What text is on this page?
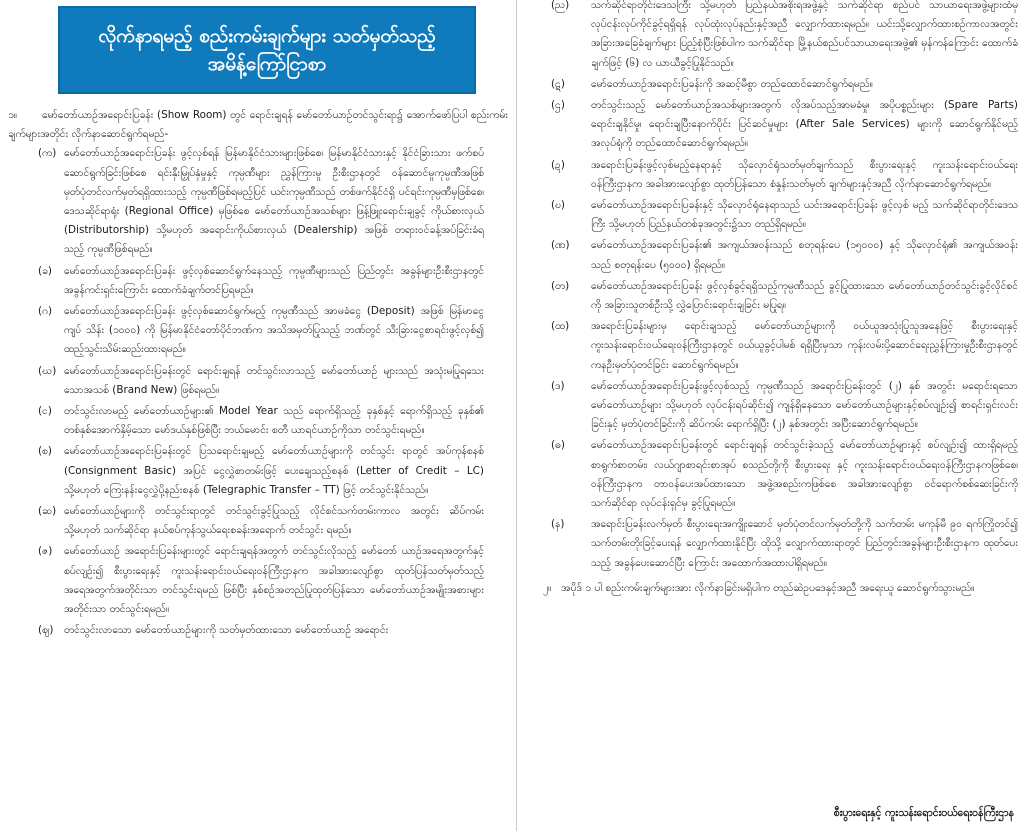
လိုက်နာရမည့် စည်းကမ်းချက်များ သတ်မှတ်သည့်
အမိန့်ကြော်ငြာစာ

၁။ မော်တော်ယာဉ်အရောင်းပြခန်း (Show Room) တွင် ရောင်းချရန် မော်တော်ယာဉ်တင်သွင်းရာ၌ အောက်ဖော်ပြပါ စည်းကမ်းချက်များအတိုင်း လိုက်နာဆောင်ရွက်ရမည်-

(က) မော်တော်ယာဉ်အရောင်းပြခန်း ဖွင့်လှစ်ရန် မြန်မာနိုင်ငံသားများဖြစ်စေ၊ မြန်မာနိုင်ငံသားနှင့် နိုင်ငံခြားသား ဖက်စပ်ဆောင်ရွက်ခြင်းဖြစ်စေ ရင်းနှီးမြှုပ်နှံမှုနှင့် ကုမ္ပဏီများ ညွှန်ကြားမှု ဦးစီးဌာနတွင် ဝန်ဆောင်မှုကုမ္ပဏီအဖြစ် မှတ်ပုံတင်လက်မှတ်ရရှိထားသည့် ကုမ္ပဏီဖြစ်ရမည့်ပြင် ယင်းကုမ္ပဏီသည် တစ်ဖက်နိုင်ငံရှိ ပင်ရင်းကုမ္ပဏီမှဖြစ်စေ၊ ဒေသဆိုင်ရာရုံး (Regional Office) မှဖြစ်စေ မော်တော်ယာဉ်အသစ်များ ဖြန့်ဖြူးရောင်းချခွင့် ကိုယ်စားလှယ် (Distributorship) သို့မဟုတ် အရောင်းကိုယ်စားလှယ် (Dealership) အဖြစ် တရားဝင်ခန့်အပ်ခြင်းခံရသည့် ကုမ္ပဏီဖြစ်ရမည်။
(ခ)	မော်တော်ယာဉ်အရောင်းပြခန်း ဖွင့်လှစ်ဆောင်ရွက်နေသည့် ကုမ္ပဏီများသည် ပြည်တွင်း အခွန်များဦးစီးဌာနတွင် အခွန်ကင်းရှင်းကြောင်း ထောက်ခံချက်တင်ပြရမည်။
(ဂ)	မော်တော်ယာဉ်အရောင်းပြခန်း ဖွင့်လှစ်ဆောင်ရွက်မည့် ကုမ္ပဏီသည် အာမခံငွေ (Deposit) အဖြစ် မြန်မာငွေကျပ် သိန်း (၁၀၀၀) ကို မြန်မာနိုင်ငံတော်ပိုင်ဘဏ်က အသိအမှတ်ပြုသည့် ဘဏ်တွင် သီးခြားငွေစာရင်းဖွင့်လှစ်၍ ထည့်သွင်းသိမ်းဆည်းထားရမည်။
(ဃ) မော်တော်ယာဉ်အရောင်းပြခန်းတွင် ရောင်းချရန် တင်သွင်းလာသည့် မော်တော်ယာဉ် များသည် အသုံးမပြုရသေးသောအသစ် (Brand New) ဖြစ်ရမည်။
(င)	တင်သွင်းလာမည့် မော်တော်ယာဉ်များ၏ Model Year သည် ရောက်ရှိသည့် ခုနှစ်နှင့် ရောက်ရှိသည့် ခုနှစ်၏ တစ်နှစ်အောက်နှိမ့်သော မော်ဒယ်နှစ်ဖြစ်ပြီး ဘယ်မောင်း စတီ ယာရင်ယာဉ်ကိုသာ တင်သွင်းရမည်။
(စ)	မော်တော်ယာဉ်အရောင်းပြခန်းတွင် ပြသရောင်းချမည့် မော်တော်ယာဉ်များကို တင်သွင်း ရာတွင် အပ်ကုန်စနစ် (Consignment Basic) အပြင် ငွေလွှဲစာတမ်းဖြင့် ပေးချေသည့်စနစ် (Letter of Credit – LC) သို့မဟုတ် ကြေးနန်းငွေလွှဲပို့နည်းစနစ် (Telegraphic Transfer – TT) ဖြင့် တင်သွင်းနိုင်သည်။
(ဆ) မော်တော်ယာဉ်များကို တင်သွင်းရာတွင် တင်သွင်းခွင့်ပြုသည့် လိုင်စင်သက်တမ်းကာလ အတွင်း ဆိပ်ကမ်း သို့မဟုတ် သက်ဆိုင်ရာ နယ်စပ်ကုန်သွယ်ရေးစခန်းအရောက် တင်သွင်း ရမည်။
(ဇ)	မော်တော်ယာဉ် အရောင်းပြခန်းများတွင် ရောင်းချရန်အတွက် တင်သွင်းလိုသည့် မော်တော် ယာဉ်အရေအတွက်နှင့်စပ်လျဉ်း၍ စီးပွားရေးနှင့် ကူးသန်းရောင်းဝယ်ရေးဝန်ကြီးဌာနက အခါအားလျော်စွာ ထုတ်ပြန်သတ်မှတ်သည့် အရေအတွက်အတိုင်းသာ တင်သွင်းရမည် ဖြစ်ပြီး နှစ်စဉ်အတည်ပြုထုတ်ပြန်သော မော်တော်ယာဉ်အမျိုးအစားများအတိုင်းသာ တင်သွင်းရမည်။
(ဈ)	တင်သွင်းလာသော မော်တော်ယာဉ်များကို သတ်မှတ်ထားသော မော်တော်ယာဉ် အရောင်း
(ည)	သက်ဆိုင်ရာတိုင်းဒေသကြီး သို့မဟုတ် ပြည်နယ်အစိုးရအဖွဲ့နှင့် သက်ဆိုင်ရာ စည်ပင် သာယာရေးအဖွဲ့များထံမှ လုပ်ငန်းလုပ်ကိုင်ခွင့်ရရှိရန် လုပ်ထုံးလုပ်နည်းနှင့်အညီ လျှောက်ထားရမည်။ ယင်းသို့လျှောက်ထားစဉ်ကာလအတွင်း အခြားအခြေခံချက်များ ပြည့်စုံပြီးဖြစ်ပါက သက်ဆိုင်ရာ မြို့နယ်စည်ပင်သာယာရေးအဖွဲ့၏ မှန်ကန်ကြောင်း ထောက်ခံချက်ဖြင့် (၆) လ ယာယီခွင့်ပြုနိုင်သည်။
(ဋ)	မော်တော်ယာဉ်အရောင်းပြခန်းကို အဆင့်မီစွာ တည်ထောင်ဆောင်ရွက်ရမည်။
(ဌ)	တင်သွင်းသည့် မော်တော်ယာဉ်အသစ်များအတွက် လိုအပ်သည့်အာမခံမှု၊ အပိုပစ္စည်းများ (Spare Parts) ရောင်းချနိုင်မှု၊ ရောင်းချပြီးနောက်ပိုင်း ပြင်ဆင်မှုများ (After Sale Services) များကို ဆောင်ရွက်နိုင်မည့် အလုပ်ရုံကို တည်ထောင်ဆောင်ရွက်ရမည်။
(ဍ)	အရောင်းပြခန်းဖွင့်လှစ်မည့်နေရာနှင့် သိုလှောင်ရုံသတ်မှတ်ချက်သည် စီးပွားရေးနှင့် ကူးသန်းရောင်းဝယ်ရေးဝန်ကြီးဌာနက အခါအားလျော်စွာ ထုတ်ပြန်သော စံနှုန်းသတ်မှတ် ချက်များနှင့်အညီ လိုက်နာဆောင်ရွက်ရမည်။
(ဎ)	မော်တော်ယာဉ်အရောင်းပြခန်းနှင့် သိုလှောင်ရုံနေရာသည် ယင်းအရောင်းပြခန်း ဖွင့်လှစ် မည့် သက်ဆိုင်ရာတိုင်းဒေသကြီး သို့မဟုတ် ပြည်နယ်တစ်ခုအတွင်း၌သာ တည်ရှိရမည်။
(ဏ)	မော်တော်ယာဉ်အရောင်းပြခန်း၏ အကျယ်အဝန်းသည် စတုရန်းပေ (၁၅၀၀၀) နှင့် သိုလှောင်ရုံ၏ အကျယ်အဝန်းသည် စတုရန်းပေ (၅၀၀၀) ရှိရမည်။
(တ)	မော်တော်ယာဉ်အရောင်းပြခန်း ဖွင့်လှစ်ခွင့်ရရှိသည့်ကုမ္ပဏီသည် ခွင့်ပြုထားသော မော်တော်ယာဉ်တင်သွင်းခွင့်လိုင်စင်ကို အခြားသူတစ်ဦးသို့ လွှဲပြောင်းရောင်းချခြင်း မပြုရ။
(ထ)	အရောင်းပြခန်းများမှ ရောင်းချသည့် မော်တော်ယာဉ်များကို ဝယ်ယူအသုံးပြုသူအနေဖြင့် စီးပွားရေးနှင့် ကူးသန်းရောင်းဝယ်ရေးဝန်ကြီးဌာနတွင် ဝယ်ယူခွင့်ပါမစ် ရရှိပြီးမှသာ ကုန်းလမ်းပို့ဆောင်ရေးညွှန်ကြားမှုဦးစီးဌာနတွင် ကနဦးမှတ်ပုံတင်ခြင်း ဆောင်ရွက်ရမည်။
(ဒ)	မော်တော်ယာဉ်အရောင်းပြခန်းဖွင့်လှစ်သည့် ကုမ္ပဏီသည် အရောင်းပြခန်းတွင် (၂) နှစ် အတွင်း မရောင်းရသော မော်တော်ယာဉ်များ သို့မဟုတ် လုပ်ငန်းရပ်ဆိုင်း၍ ကျန်ရှိနေသော မော်တော်ယာဉ်များနှင့်စပ်လျဉ်း၍ စာရင်းရှင်းလင်းခြင်းနှင့် မှတ်ပုံတင်ခြင်းကို ဆိပ်ကမ်း ရောက်ရှိပြီး (၂) နှစ်အတွင်း အပြီးဆောင်ရွက်ရမည်။
(ဓ)	မော်တော်ယာဉ်အရောင်းပြခန်းတွင် ရောင်းချရန် တင်သွင်းခဲ့သည့် မော်တော်ယာဉ်များနှင့် စပ်လျဉ်း၍ ထားရှိရမည့် စာရွက်စာတမ်း၊ လယ်ဂျာစာရင်းစာအုပ် စသည်တို့ကို စီးပွားရေး နှင့် ကူးသန်းရောင်းဝယ်ရေးဝန်ကြီးဌာနကဖြစ်စေ၊ ဝန်ကြီးဌာနက တာဝန်ပေးအပ်ထားသော အဖွဲ့အစည်းကဖြစ်စေ အခါအားလျော်စွာ ဝင်ရောက်စစ်ဆေးခြင်းကို သက်ဆိုင်ရာ လုပ်ငန်းရှင်မှ ခွင့်ပြုရမည်။
(န)	အရောင်းပြခန်းလက်မှတ် စီးပွားရေးအကျိုးဆောင် မှတ်ပုံတင်လက်မှတ်တို့ကို သက်တမ်း မကုန်မီ ၉၀ ရက်ကြိုတင်၍ သက်တမ်းတိုးခြင့်ပေးရန် လျှောက်ထားနိုင်ပြီး ထိုသို့ လျှောက်ထားရာတွင် ပြည်တွင်းအခွန်များဦးစီးဌာနက ထုတ်ပေးသည့် အခွန်ပေးဆောင်ပြီး ကြောင်း အထောက်အထားပါရှိရမည်။
၂။ အပိုဒ် ၁ ပါ စည်းကမ်းချက်များအား လိုက်နာခြင်းမရှိပါက တည်ဆဲဥပဒေနှင့်အညီ အရေးယူ ဆောင်ရွက်သွားမည်။
စီးပွားရေးနှင့် ကူးသန်းရောင်းဝယ်ရေးဝန်ကြီးဌာန
